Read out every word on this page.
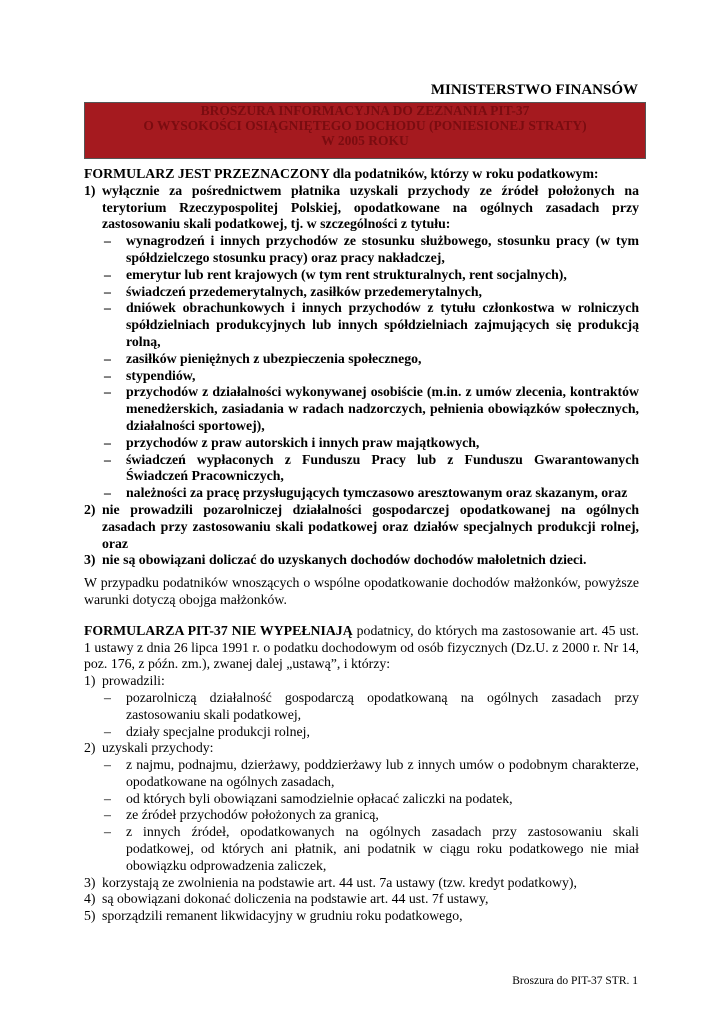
MINISTERSTWO FINANSÓW
BROSZURA INFORMACYJNA DO ZEZNANIA PIT-37
O WYSOKOŚCI OSIĄGNIĘTEGO DOCHODU (PONIESIONEJ STRATY)
W 2005 ROKU
FORMULARZ JEST PRZEZNACZONY dla podatników, którzy w roku podatkowym:
1) wyłącznie za pośrednictwem płatnika uzyskali przychody ze źródeł położonych na terytorium Rzeczypospolitej Polskiej, opodatkowane na ogólnych zasadach przy zastosowaniu skali podatkowej, tj. w szczególności z tytułu:
– wynagrodzeń i innych przychodów ze stosunku służbowego, stosunku pracy (w tym spółdzielczego stosunku pracy) oraz pracy nakładczej,
– emerytur lub rent krajowych (w tym rent strukturalnych, rent socjalnych),
– świadczeń przedemerytalnych, zasiłków przedemerytalnych,
– dniówek obrachunkowych i innych przychodów z tytułu członkostwa w rolniczych spółdzielniach produkcyjnych lub innych spółdzielniach zajmujących się produkcją rolną,
– zasiłków pieniężnych z ubezpieczenia społecznego,
– stypendiów,
– przychodów z działalności wykonywanej osobiście (m.in. z umów zlecenia, kontraktów menedżerskich, zasiadania w radach nadzorczych, pełnienia obowiązków społecznych, działalności sportowej),
– przychodów z praw autorskich i innych praw majątkowych,
– świadczeń wypłaconych z Funduszu Pracy lub z Funduszu Gwarantowanych Świadczeń Pracowniczych,
– należności za pracę przysługujących tymczasowo aresztowanym oraz skazanym, oraz
2) nie prowadzili pozarolniczej działalności gospodarczej opodatkowanej na ogólnych zasadach przy zastosowaniu skali podatkowej oraz działów specjalnych produkcji rolnej, oraz
3) nie są obowiązani doliczać do uzyskanych dochodów dochodów małoletnich dzieci.
W przypadku podatników wnoszących o wspólne opodatkowanie dochodów małżonków, powyższe warunki dotyczą obojga małżonków.
FORMULARZA PIT-37 NIE WYPEŁNIAJĄ podatnicy, do których ma zastosowanie art. 45 ust. 1 ustawy z dnia 26 lipca 1991 r. o podatku dochodowym od osób fizycznych (Dz.U. z 2000 r. Nr 14, poz. 176, z późn. zm.), zwanej dalej „ustawą”, i którzy:
1) prowadzili:
– pozarolniczą działalność gospodarczą opodatkowaną na ogólnych zasadach przy zastosowaniu skali podatkowej,
– działy specjalne produkcji rolnej,
2) uzyskali przychody:
– z najmu, podnajmu, dzierżawy, poddzierżawy lub z innych umów o podobnym charakterze, opodatkowane na ogólnych zasadach,
– od których byli obowiązani samodzielnie opłacać zaliczki na podatek,
– ze źródeł przychodów położonych za granicą,
– z innych źródeł, opodatkowanych na ogólnych zasadach przy zastosowaniu skali podatkowej, od których ani płatnik, ani podatnik w ciągu roku podatkowego nie miał obowiązku odprowadzenia zaliczek,
3) korzystają ze zwolnienia na podstawie art. 44 ust. 7a ustawy (tzw. kredyt podatkowy),
4) są obowiązani dokonać doliczenia na podstawie art. 44 ust. 7f ustawy,
5) sporządzili remanent likwidacyjny w grudniu roku podatkowego,
Broszura do PIT-37 STR. 1
